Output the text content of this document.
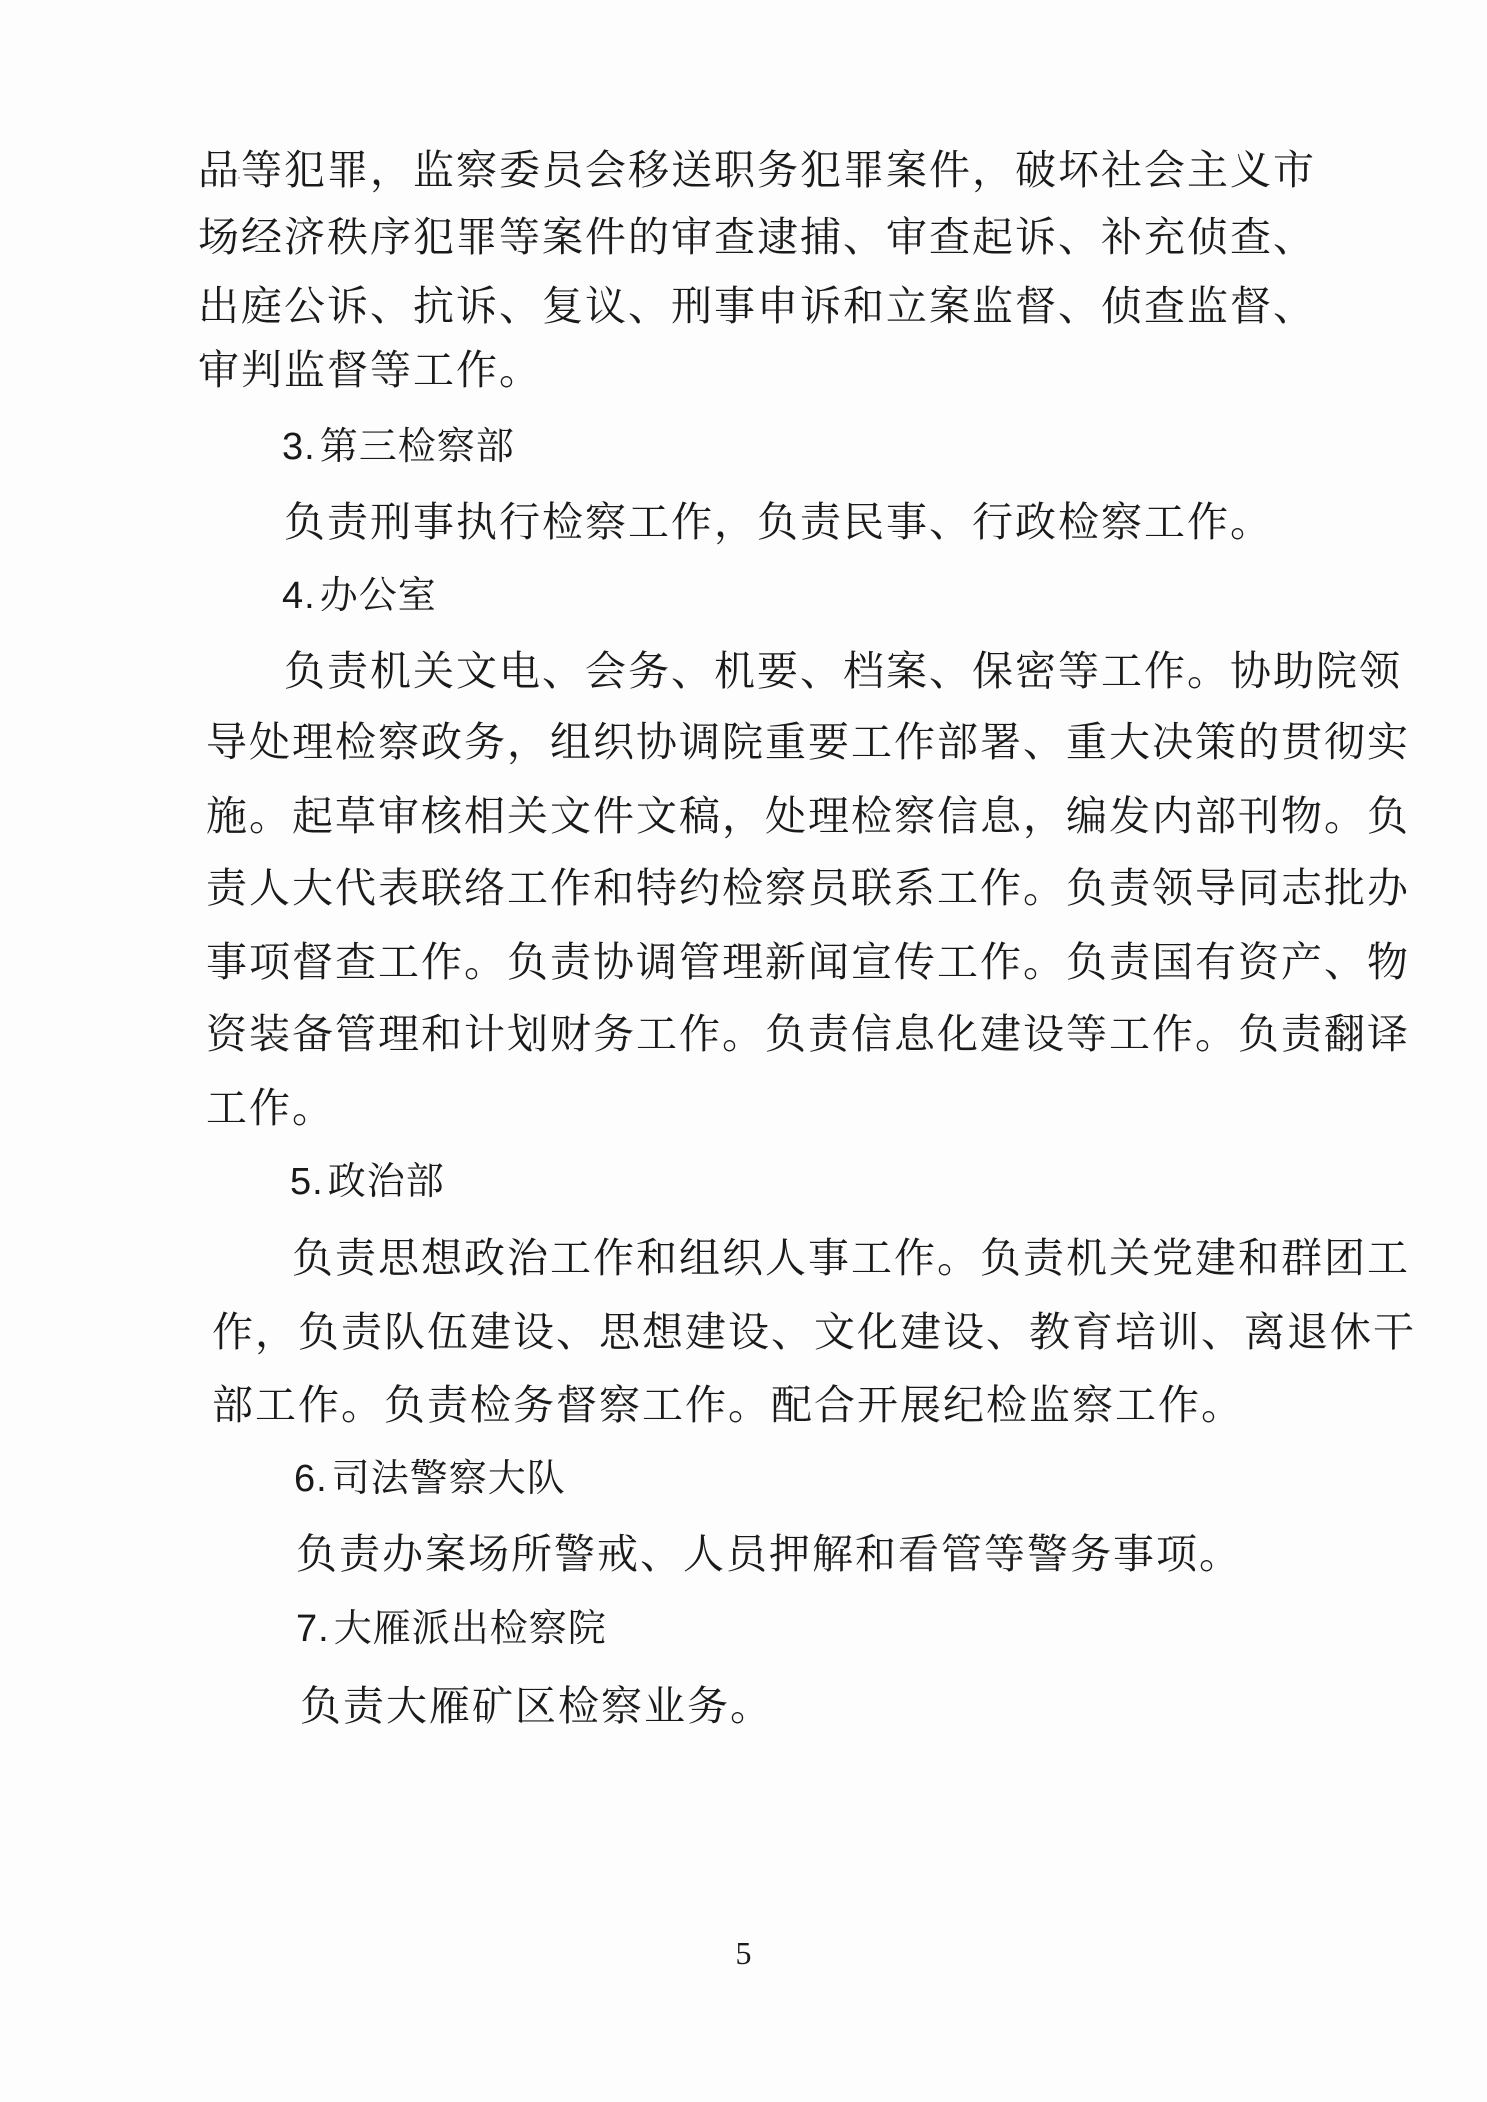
品等犯罪，监察委员会移送职务犯罪案件，破坏社会主义市
场经济秩序犯罪等案件的审查逮捕、审查起诉、补充侦查、
出庭公诉、抗诉、复议、刑事申诉和立案监督、侦查监督、
审判监督等工作。
3. 第三检察部
负责刑事执行检察工作，负责民事、行政检察工作。
4. 办公室
负责机关文电、会务、机要、档案、保密等工作。协助院领
导处理检察政务，组织协调院重要工作部署、重大决策的贯彻实
施。起草审核相关文件文稿，处理检察信息，编发内部刊物。负
责人大代表联络工作和特约检察员联系工作。负责领导同志批办
事项督查工作。负责协调管理新闻宣传工作。负责国有资产、物
资装备管理和计划财务工作。负责信息化建设等工作。负责翻译
工作。
5. 政治部
负责思想政治工作和组织人事工作。负责机关党建和群团工
作，负责队伍建设、思想建设、文化建设、教育培训、离退休干
部工作。负责检务督察工作。配合开展纪检监察工作。
6. 司法警察大队
负责办案场所警戒、人员押解和看管等警务事项。
7. 大雁派出检察院
负责大雁矿区检察业务。
5
